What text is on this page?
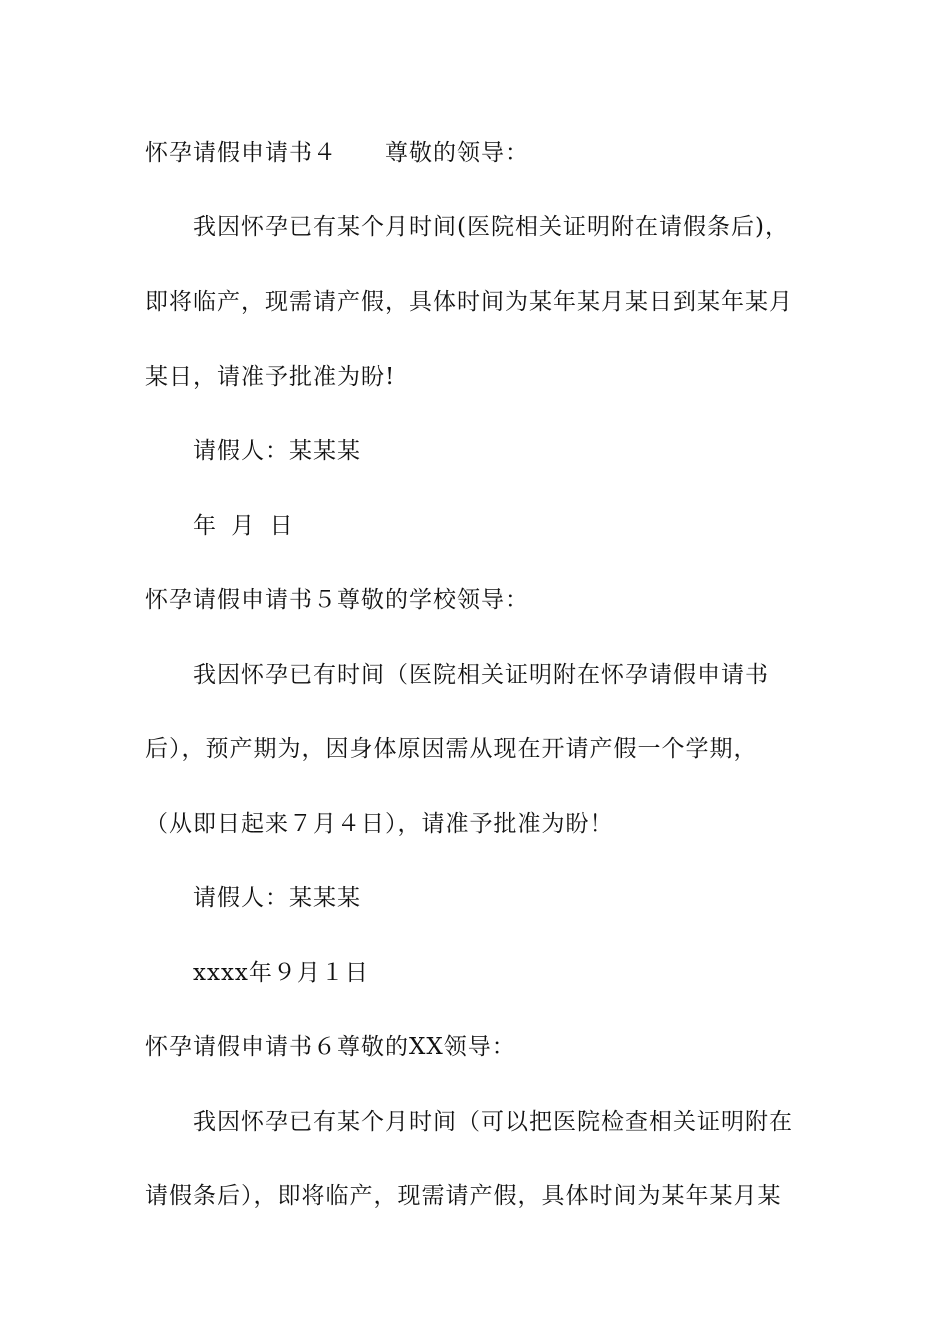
怀孕请假申请书４　　尊敬的领导：
我因怀孕已有某个月时间(医院相关证明附在请假条后)，
即将临产，现需请产假，具体时间为某年某月某日到某年某月
某日，请准予批准为盼!
请假人：某某某
年 月 日
怀孕请假申请书５尊敬的学校领导：
我因怀孕已有时间（医院相关证明附在怀孕请假申请书
后），预产期为，因身体原因需从现在开请产假一个学期，
（从即日起来７月４日），请准予批准为盼！
请假人：某某某
xxxx年９月１日
怀孕请假申请书６尊敬的XX领导：
我因怀孕已有某个月时间（可以把医院检查相关证明附在
请假条后），即将临产，现需请产假，具体时间为某年某月某
